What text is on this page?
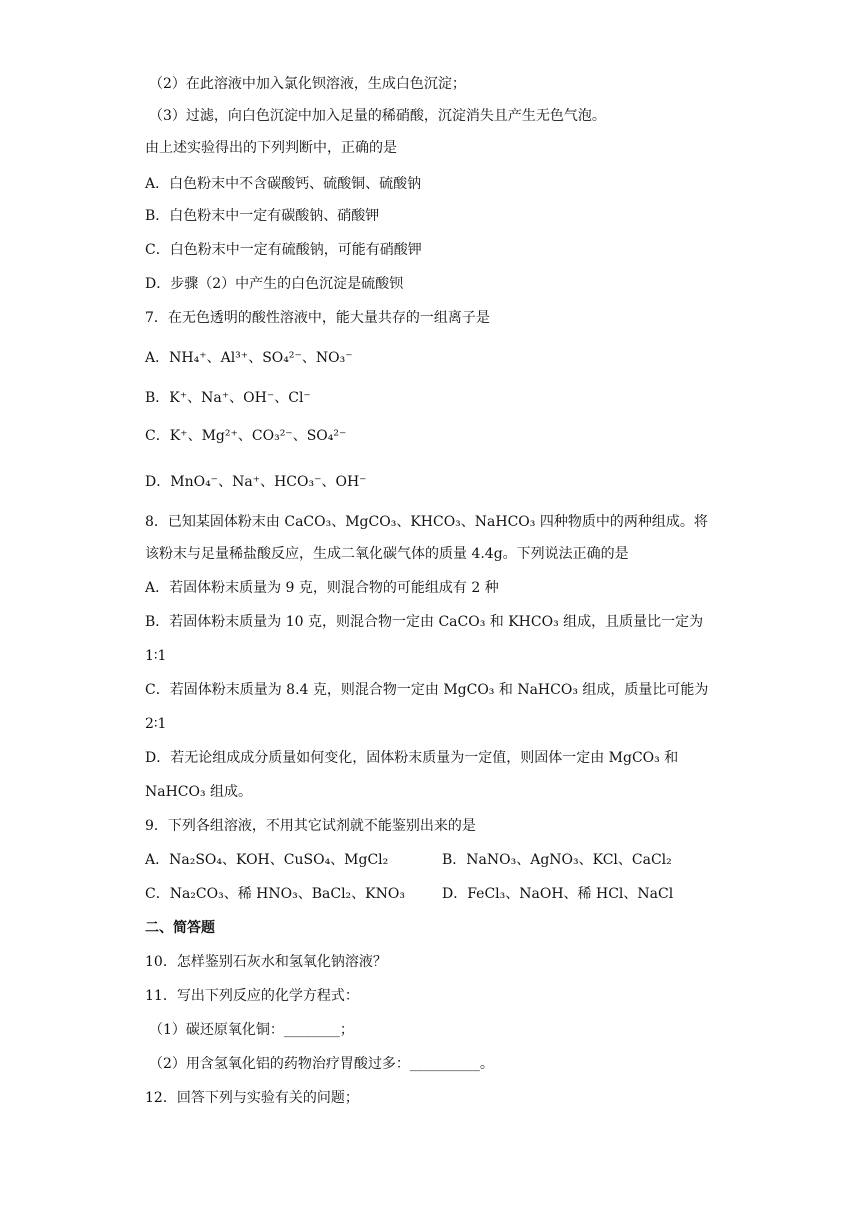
（2）在此溶液中加入氯化钡溶液，生成白色沉淀；
（3）过滤，向白色沉淀中加入足量的稀硝酸，沉淀消失且产生无色气泡。
由上述实验得出的下列判断中，正确的是
A．白色粉末中不含碳酸钙、硫酸铜、硫酸钠
B．白色粉末中一定有碳酸钠、硝酸钾
C．白色粉末中一定有硫酸钠，可能有硝酸钾
D．步骤（2）中产生的白色沉淀是硫酸钡
7．在无色透明的酸性溶液中，能大量共存的一组离子是
A．NH₄⁺、Al³⁺、SO₄²⁻、NO₃⁻
B．K⁺、Na⁺、OH⁻、Cl⁻
C．K⁺、Mg²⁺、CO₃²⁻、SO₄²⁻
D．MnO₄⁻、Na⁺、HCO₃⁻、OH⁻
8．已知某固体粉末由 CaCO₃、MgCO₃、KHCO₃、NaHCO₃ 四种物质中的两种组成。将
该粉末与足量稀盐酸反应，生成二氧化碳气体的质量 4.4g。下列说法正确的是
A．若固体粉末质量为 9 克，则混合物的可能组成有 2 种
B．若固体粉末质量为 10 克，则混合物一定由 CaCO₃ 和 KHCO₃ 组成，且质量比一定为
1∶1
C．若固体粉末质量为 8.4 克，则混合物一定由 MgCO₃ 和 NaHCO₃ 组成，质量比可能为
2∶1
D．若无论组成成分质量如何变化，固体粉末质量为一定值，则固体一定由 MgCO₃ 和
NaHCO₃ 组成。
9．下列各组溶液，不用其它试剂就不能鉴别出来的是
A．Na₂SO₄、KOH、CuSO₄、MgCl₂	B．NaNO₃、AgNO₃、KCl、CaCl₂
C．Na₂CO₃、稀 HNO₃、BaCl₂、KNO₃	D．FeCl₃、NaOH、稀 HCl、NaCl
二、简答题
10．怎样鉴别石灰水和氢氧化钠溶液？
11．写出下列反应的化学方程式：
（1）碳还原氧化铜：________；
（2）用含氢氧化铝的药物治疗胃酸过多：__________。
12．回答下列与实验有关的问题；
